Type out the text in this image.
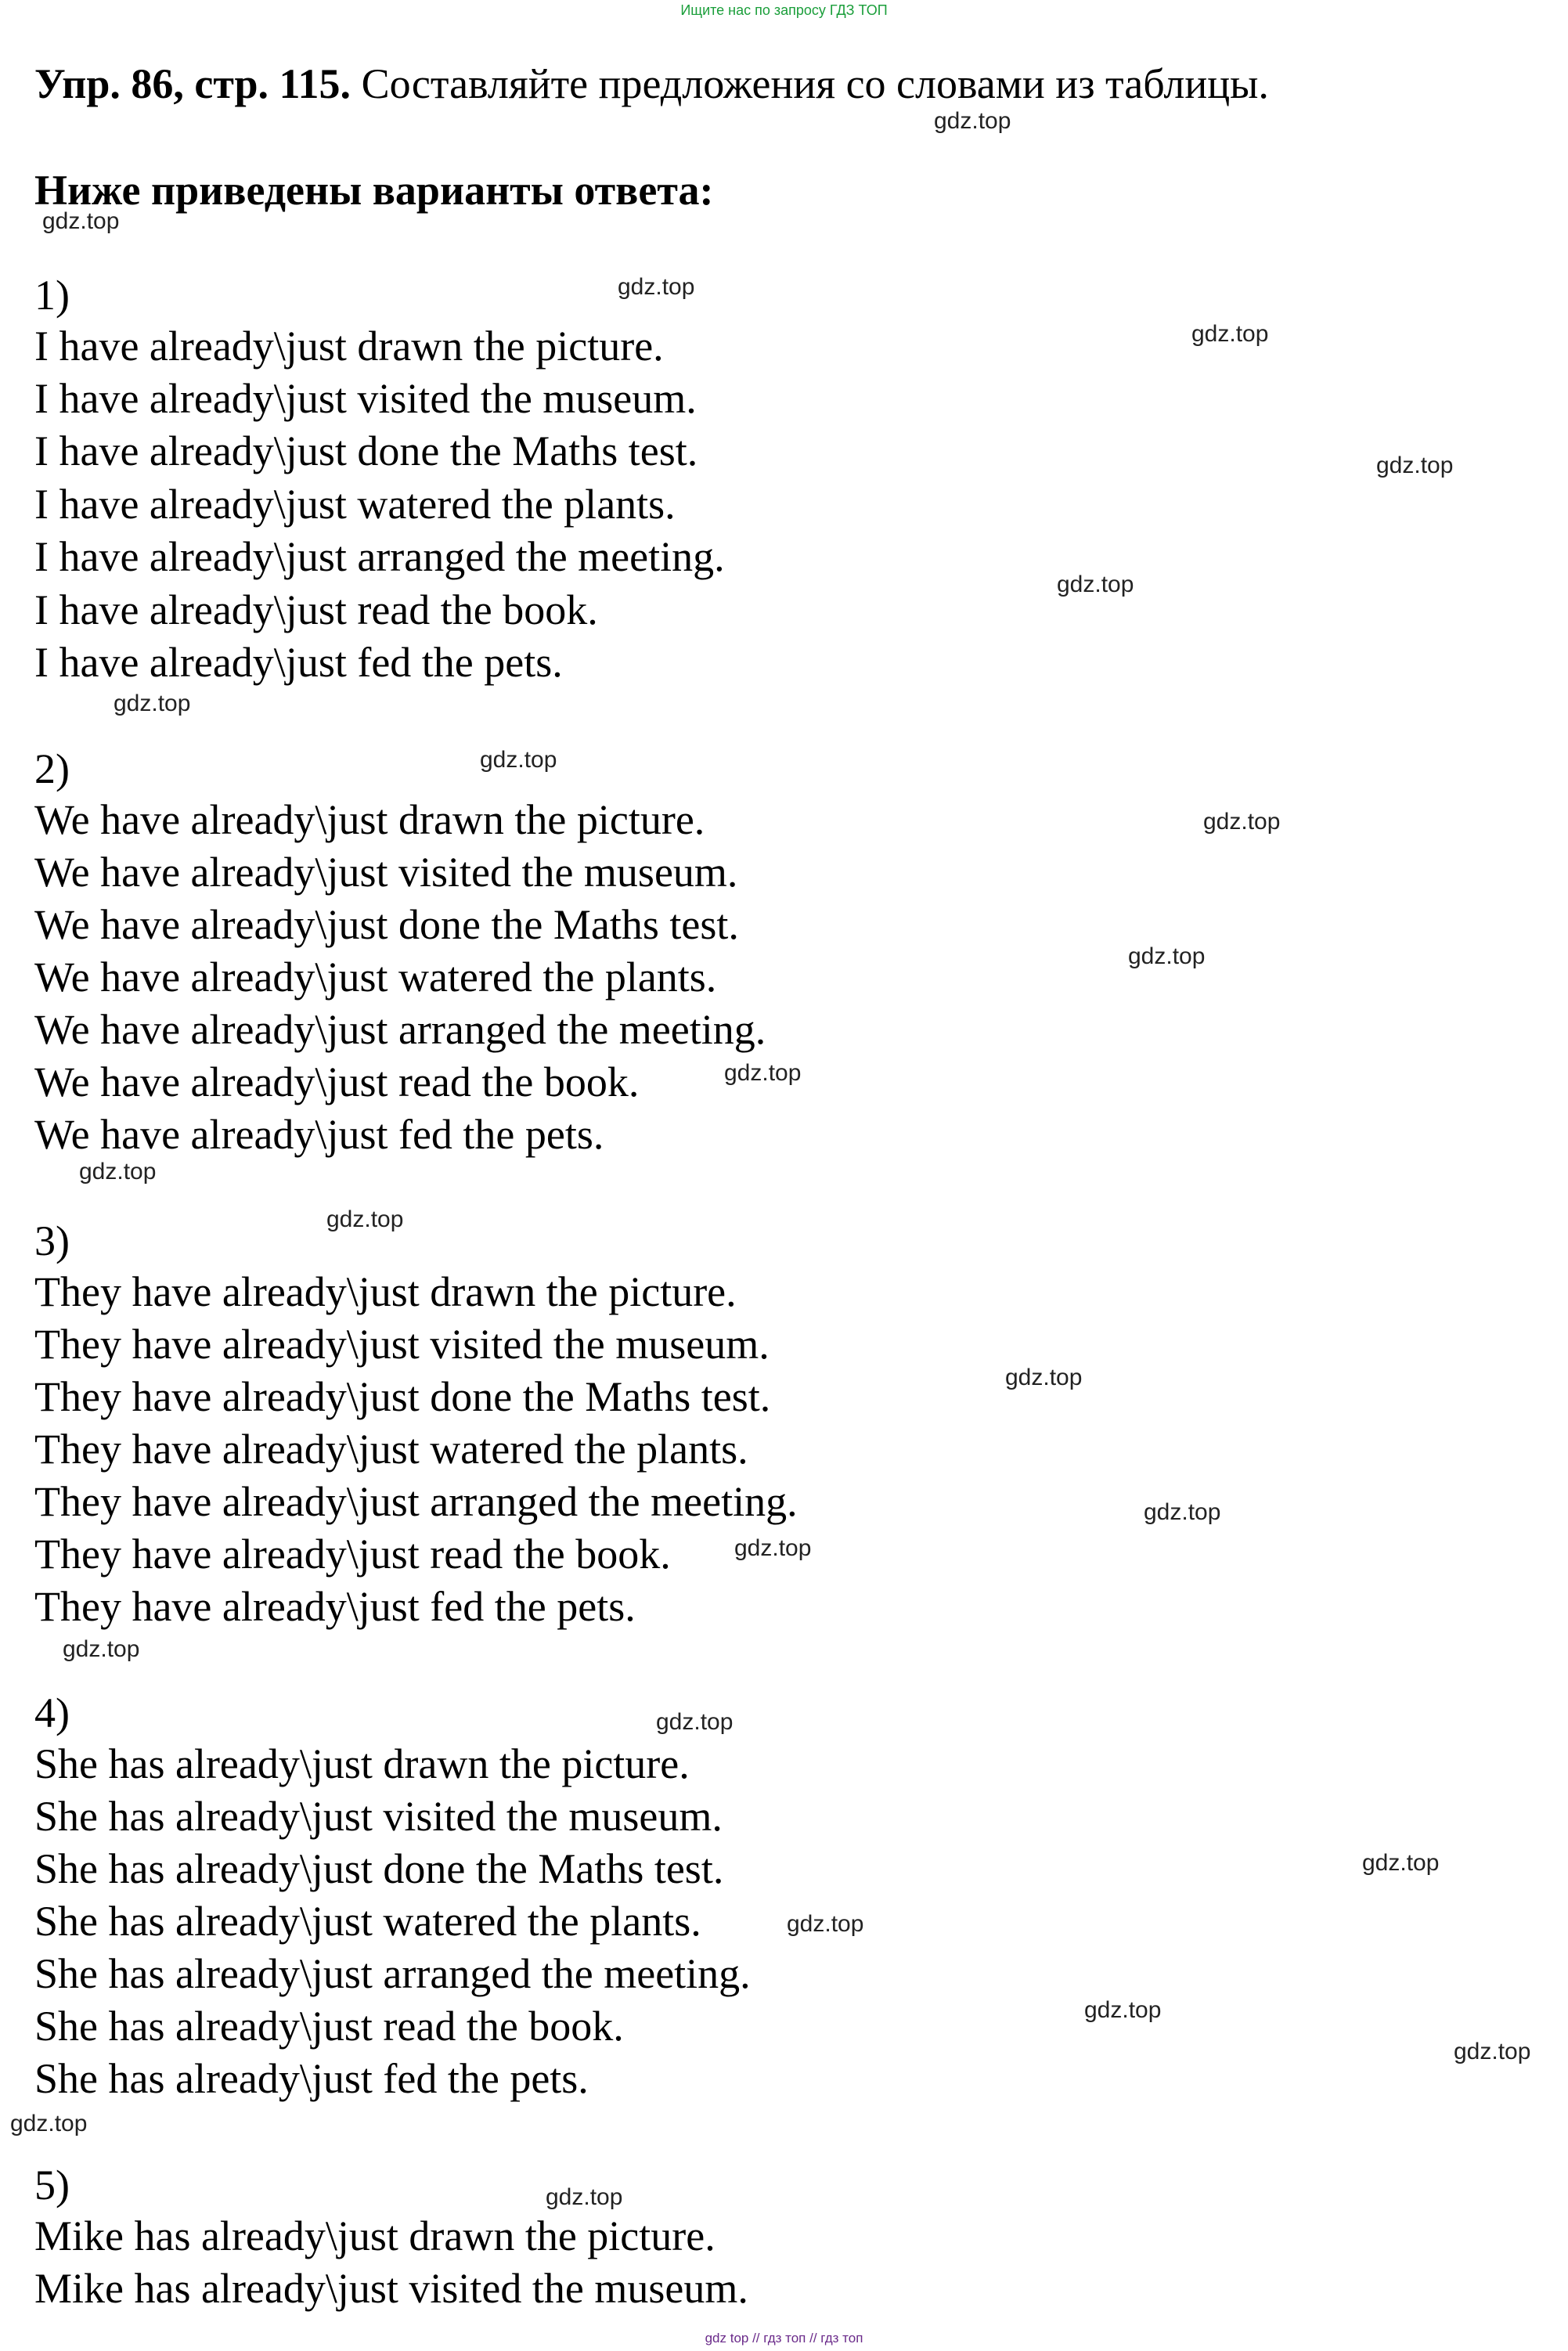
Ищите нас по запросу ГДЗ ТОП
Упр. 86, стр. 115. Составляйте предложения со словами из таблицы.
Ниже приведены варианты ответа:
1)
I have already\just drawn the picture.
I have already\just visited the museum.
I have already\just done the Maths test.
I have already\just watered the plants.
I have already\just arranged the meeting.
I have already\just read the book.
I have already\just fed the pets.
2)
We have already\just drawn the picture.
We have already\just visited the museum.
We have already\just done the Maths test.
We have already\just watered the plants.
We have already\just arranged the meeting.
We have already\just read the book.
We have already\just fed the pets.
3)
They have already\just drawn the picture.
They have already\just visited the museum.
They have already\just done the Maths test.
They have already\just watered the plants.
They have already\just arranged the meeting.
They have already\just read the book.
They have already\just fed the pets.
4)
She has already\just drawn the picture.
She has already\just visited the museum.
She has already\just done the Maths test.
She has already\just watered the plants.
She has already\just arranged the meeting.
She has already\just read the book.
She has already\just fed the pets.
5)
Mike has already\just drawn the picture.
Mike has already\just visited the museum.
gdz.top
gdz.top
gdz.top
gdz.top
gdz.top
gdz.top
gdz.top
gdz.top
gdz.top
gdz.top
gdz.top
gdz.top
gdz.top
gdz.top
gdz.top
gdz.top
gdz.top
gdz.top
gdz.top
gdz.top
gdz.top
gdz.top
gdz.top
gdz.top
gdz top // гдз топ // гдз топ
